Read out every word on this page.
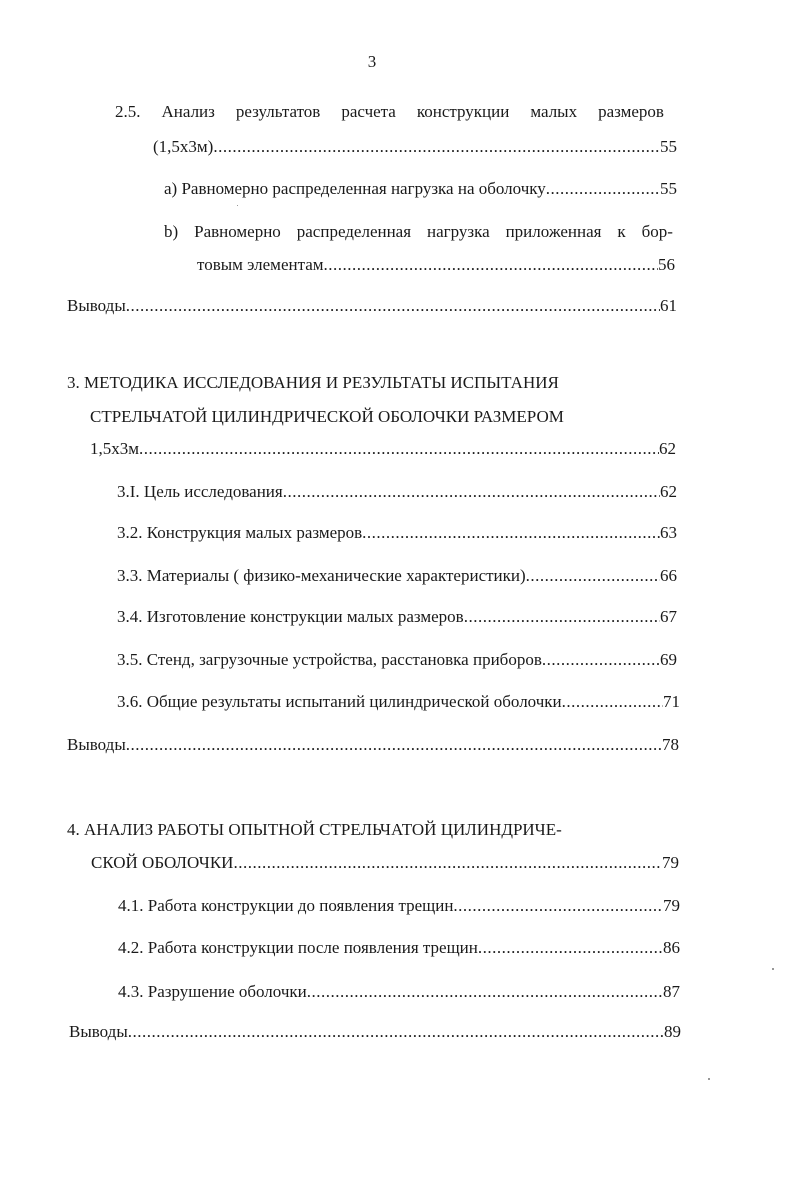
3
2.5. Анализ результатов расчета конструкции малых размеров
(1,5х3м) .....	55
а) Равномерно распределенная нагрузка на оболочку .....	55
b) Равномерно распределенная нагрузка приложенная к бор-
товым элементам .....	56
Выводы .....	61
3. МЕТОДИКА ИССЛЕДОВАНИЯ И РЕЗУЛЬТАТЫ ИСПЫТАНИЯ
СТРЕЛЬЧАТОЙ ЦИЛИНДРИЧЕСКОЙ ОБОЛОЧКИ РАЗМЕРОМ
1,5х3м .....	62
3.I. Цель исследования .....	62
3.2. Конструкция малых размеров .....	63
3.3. Материалы ( физико-механические характеристики) .....	66
3.4. Изготовление конструкции малых размеров .....	67
3.5. Стенд, загрузочные устройства, расстановка приборов .....	69
3.6. Общие результаты испытаний цилиндрической оболочки .....	71
Выводы .....	78
4. АНАЛИЗ РАБОТЫ ОПЫТНОЙ СТРЕЛЬЧАТОЙ ЦИЛИНДРИЧЕ-
СКОЙ ОБОЛОЧКИ .....	79
4.1. Работа конструкции до появления трещин .....	79
4.2. Работа конструкции после появления трещин .....	86
4.3. Разрушение оболочки .....	87
Выводы .....	89
